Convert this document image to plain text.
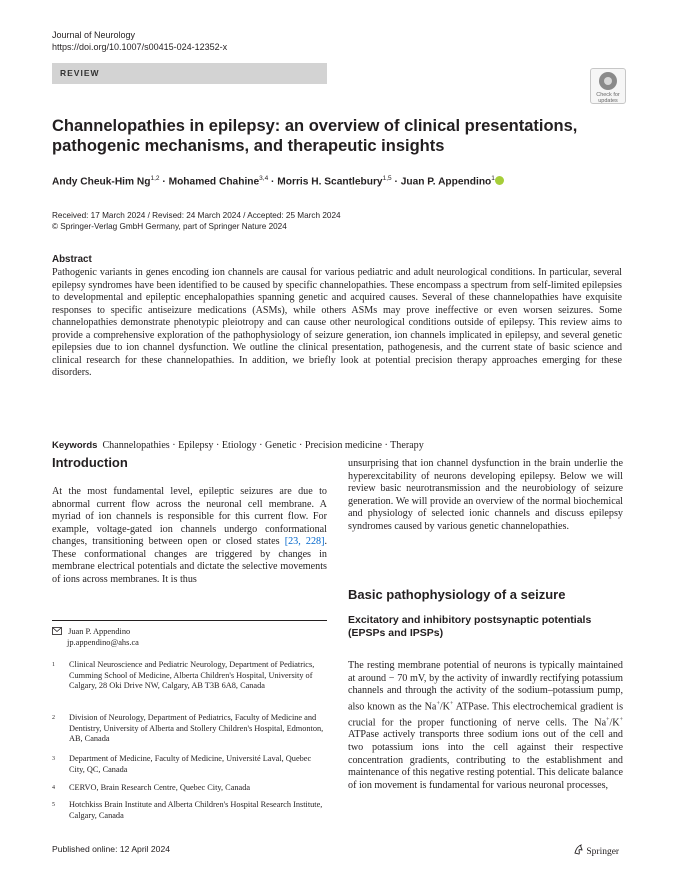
Journal of Neurology
https://doi.org/10.1007/s00415-024-12352-x
REVIEW
Check for
updates
Channelopathies in epilepsy: an overview of clinical presentations,
pathogenic mechanisms, and therapeutic insights
Andy Cheuk-Him Ng$^{1,2}$ · Mohamed Chahine$^{3,4}$ · Morris H. Scantlebury$^{1,5}$ · Juan P. Appendino$^1$
Received: 17 March 2024 / Revised: 24 March 2024 / Accepted: 25 March 2024
© Springer-Verlag GmbH Germany, part of Springer Nature 2024
Abstract
Pathogenic variants in genes encoding ion channels are causal for various pediatric and adult neurological conditions. In particular, several epilepsy syndromes have been identified to be caused by specific channelopathies. These encompass a spectrum from self-limited epilepsies to developmental and epileptic encephalopathies spanning genetic and acquired causes. Several of these channelopathies have exquisite responses to specific antiseizure medications (ASMs), while others ASMs may prove ineffective or even worsen seizures. Some channelopathies demonstrate phenotypic pleiotropy and can cause other neurological conditions outside of epilepsy. This review aims to provide a comprehensive exploration of the pathophysiology of seizure generation, ion channels implicated in epilepsy, and several genetic epilepsies due to ion channel dysfunction. We outline the clinical presentation, pathogenesis, and the current state of basic science and clinical research for these channelopathies. In addition, we briefly look at potential precision therapy approaches emerging for these disorders.
Keywords Channelopathies · Epilepsy · Etiology · Genetic · Precision medicine · Therapy
Introduction
At the most fundamental level, epileptic seizures are due to abnormal current flow across the neuronal cell membrane. A myriad of ion channels is responsible for this current flow. For example, voltage-gated ion channels undergo conformational changes, transitioning between open or closed states [23, 228]. These conformational changes are triggered by changes in membrane electrical potentials and dictate the selective movements of ions across membranes. It is thus
unsurprising that ion channel dysfunction in the brain underlie the hyperexcitability of neurons developing epilepsy. Below we will review basic neurotransmission and the neurobiology of seizure generation. We will provide an overview of the normal biochemical and physiology of selected ionic channels and discuss epilepsy syndromes caused by various genetic channelopathies.
Basic pathophysiology of a seizure
Excitatory and inhibitory postsynaptic potentials (EPSPs and IPSPs)
The resting membrane potential of neurons is typically maintained at around − 70 mV, by the activity of inwardly rectifying potassium channels and through the activity of the sodium–potassium pump, also known as the Na+/K+ ATPase. This electrochemical gradient is crucial for the proper functioning of nerve cells. The Na+/K+ ATPase actively transports three sodium ions out of the cell and two potassium ions into the cell against their respective concentration gradients, contributing to the establishment and maintenance of this negative resting potential. This delicate balance of ion movement is fundamental for various neuronal processes,
Juan P. Appendino
jp.appendino@ahs.ca
1 Clinical Neuroscience and Pediatric Neurology, Department of Pediatrics, Cumming School of Medicine, Alberta Children's Hospital, University of Calgary, 28 Oki Drive NW, Calgary, AB T3B 6A8, Canada
2 Division of Neurology, Department of Pediatrics, Faculty of Medicine and Dentistry, University of Alberta and Stollery Children's Hospital, Edmonton, AB, Canada
3 Department of Medicine, Faculty of Medicine, Université Laval, Quebec City, QC, Canada
4 CERVO, Brain Research Centre, Quebec City, Canada
5 Hotchkiss Brain Institute and Alberta Children's Hospital Research Institute, Calgary, Canada
Published online: 12 April 2024	Springer
